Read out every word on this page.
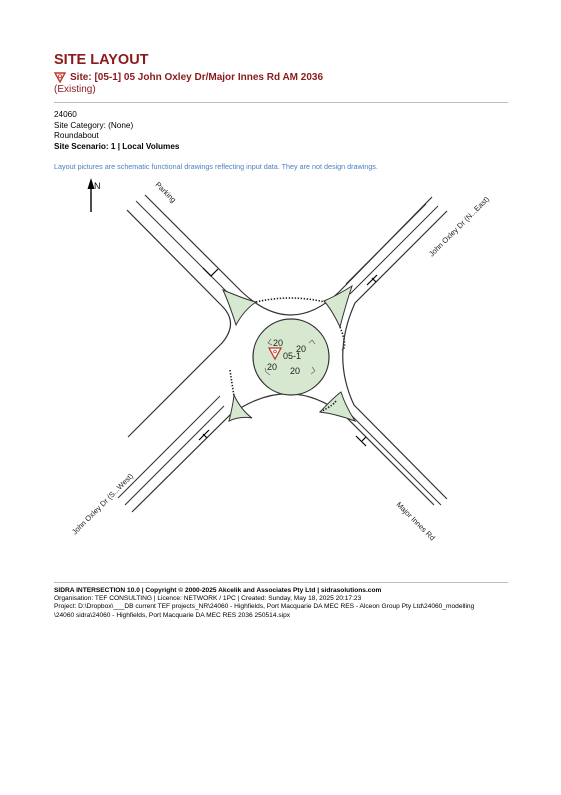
SITE LAYOUT
Site: [05-1] 05 John Oxley Dr/Major Innes Rd AM 2036
(Existing)
24060
Site Category: (None)
Roundabout
Site Scenario: 1 | Local Volumes
Layout pictures are schematic functional drawings reflecting input data. They are not design drawings.
N
20
20
20 20
05-1
Parking
John Oxley Dr (N...East)
John Oxley Dr (S...West)	Major Innes Rd
SIDRA INTERSECTION 10.0 | Copyright © 2000-2025 Akcelik and Associates Pty Ltd | sidrasolutions.com
Organisation: TEF CONSULTING | Licence: NETWORK / 1PC | Created: Sunday, May 18, 2025 20:17:23
Project: D:\Dropbox\___DB current TEF projects_NR\24060 - Highfields, Port Macquarie DA MEC RES - Alceon Group Pty Ltd\24060_modelling
\24060 sidra\24060 - Highfields, Port Macquarie DA MEC RES 2036 250514.sipx
